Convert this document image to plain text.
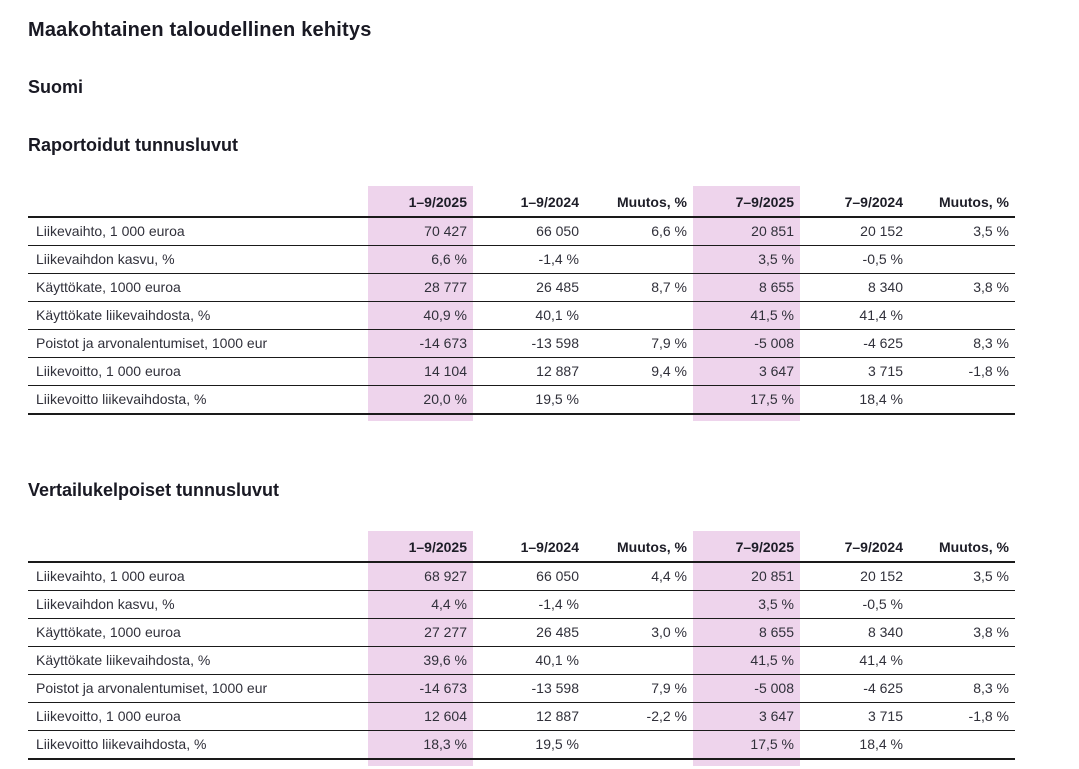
Maakohtainen taloudellinen kehitys
Suomi
Raportoidut tunnusluvut
	1–9/2025	1–9/2024	Muutos, %	7–9/2025	7–9/2024	Muutos, %
Liikevaihto, 1 000 euroa	70 427	66 050	6,6 %	20 851	20 152	3,5 %
Liikevaihdon kasvu, %	6,6 %	-1,4 %		3,5 %	-0,5 %	
Käyttökate, 1000 euroa	28 777	26 485	8,7 %	8 655	8 340	3,8 %
Käyttökate liikevaihdosta, %	40,9 %	40,1 %		41,5 %	41,4 %	
Poistot ja arvonalentumiset, 1000 eur	-14 673	-13 598	7,9 %	-5 008	-4 625	8,3 %
Liikevoitto, 1 000 euroa	14 104	12 887	9,4 %	3 647	3 715	-1,8 %
Liikevoitto liikevaihdosta, %	20,0 %	19,5 %		17,5 %	18,4 %	
Vertailukelpoiset tunnusluvut
	1–9/2025	1–9/2024	Muutos, %	7–9/2025	7–9/2024	Muutos, %
Liikevaihto, 1 000 euroa	68 927	66 050	4,4 %	20 851	20 152	3,5 %
Liikevaihdon kasvu, %	4,4 %	-1,4 %		3,5 %	-0,5 %	
Käyttökate, 1000 euroa	27 277	26 485	3,0 %	8 655	8 340	3,8 %
Käyttökate liikevaihdosta, %	39,6 %	40,1 %		41,5 %	41,4 %	
Poistot ja arvonalentumiset, 1000 eur	-14 673	-13 598	7,9 %	-5 008	-4 625	8,3 %
Liikevoitto, 1 000 euroa	12 604	12 887	-2,2 %	3 647	3 715	-1,8 %
Liikevoitto liikevaihdosta, %	18,3 %	19,5 %		17,5 %	18,4 %	
